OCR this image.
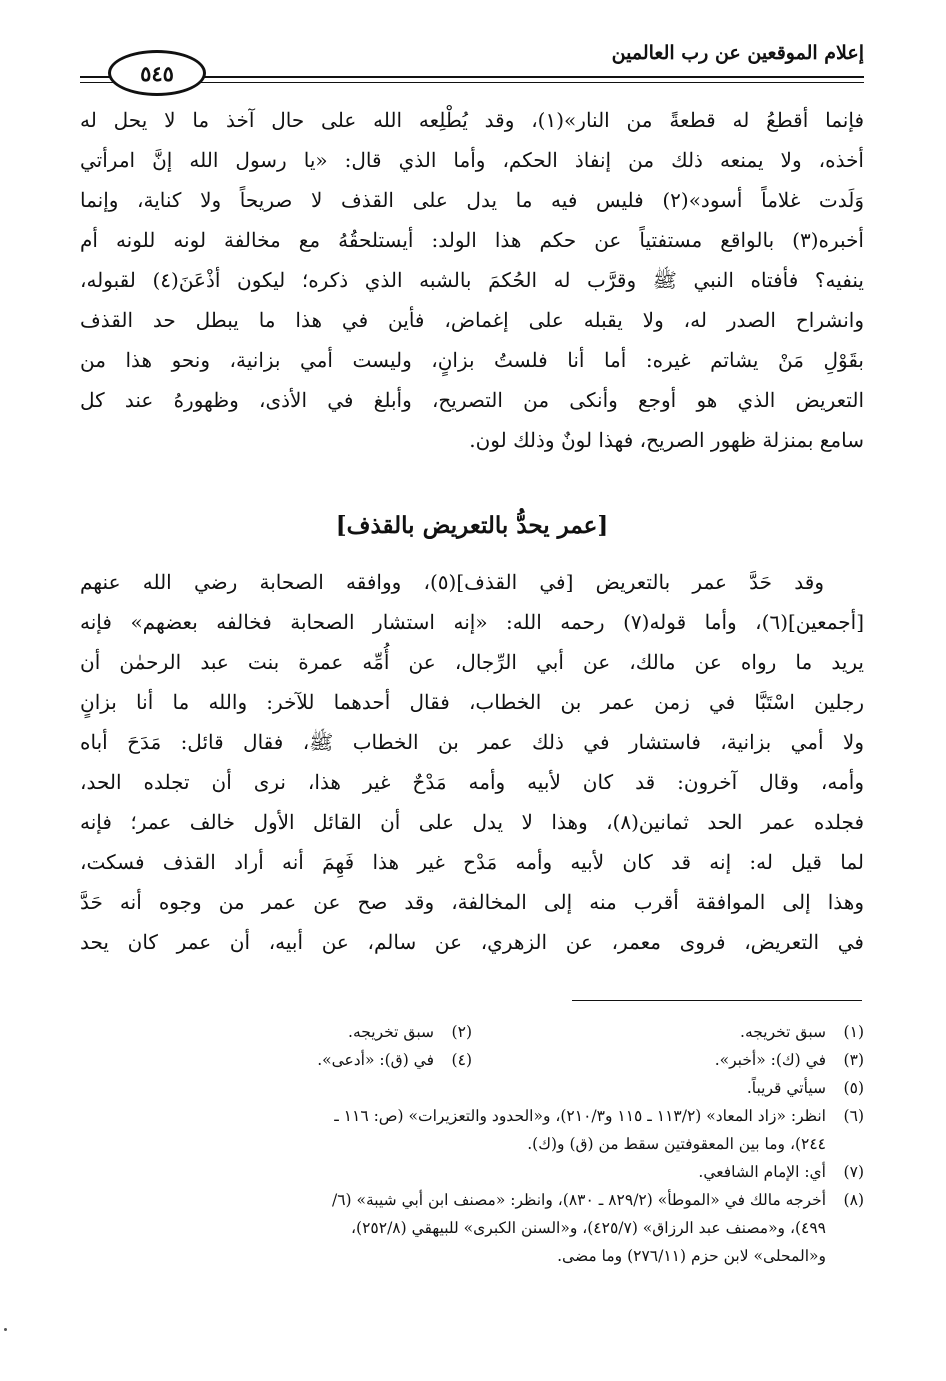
إعلام الموقعين عن رب العالمين
٥٤٥
فإنما أقطعُ له قطعةً من النار»(١)، وقد يُطْلِعه الله على حال آخذ ما لا يحل له
أخذه، ولا يمنعه ذلك من إنفاذ الحكم، وأما الذي قال: «يا رسول الله إنَّ امرأتي
وَلَدت غلاماً أسود»(٢) فليس فيه ما يدل على القذف لا صريحاً ولا كناية، وإنما
أخبره(٣) بالواقع مستفتياً عن حكم هذا الولد: أيستلحقُهُ مع مخالفة لونه للونه أم
ينفيه؟ فأفتاه النبي ﷺ وقرَّب له الحُكمَ بالشبه الذي ذكره؛ ليكون أذْعَنَ(٤) لقبوله،
وانشراح الصدر له، ولا يقبله على إغماض، فأين في هذا ما يبطل حد القذف
بقَوْلِ مَنْ يشاتم غيره: أما أنا فلستُ بزانٍ، وليست أمي بزانية، ونحو هذا من
التعريض الذي هو أوجع وأنكى من التصريح، وأبلغ في الأذى، وظهورهُ عند كل
سامع بمنزلة ظهور الصريح، فهذا لونٌ وذلك لون.
[عمر يحدُّ بالتعريض بالقذف]
وقد حَدَّ عمر بالتعريض [في القذف](٥)، ووافقه الصحابة رضي الله عنهم
[أجمعين](٦)، وأما قوله(٧) رحمه الله: «إنه استشار الصحابة فخالفه بعضهم» فإنه
يريد ما رواه عن مالك، عن أبي الرِّجال، عن أُمِّه عمرة بنت عبد الرحمٰن أن
رجلين اسْتَبَّا في زمن عمر بن الخطاب، فقال أحدهما للآخر: والله ما أنا بزانٍ
ولا أمي بزانية، فاستشار في ذلك عمر بن الخطاب ﷺ، فقال قائل: مَدَحَ أباه
وأمه، وقال آخرون: قد كان لأبيه وأمه مَدْحٌ غير هذا، نرى أن تجلده الحد،
فجلده عمر الحد ثمانين(٨)، وهذا لا يدل على أن القائل الأول خالف عمر؛ فإنه
لما قيل له: إنه قد كان لأبيه وأمه مَدْح غير هذا فَهِمَ أنه أراد القذف فسكت،
وهذا إلى الموافقة أقرب منه إلى المخالفة، وقد صح عن عمر من وجوه أنه حَدَّ
في التعريض، فروى معمر، عن الزهري، عن سالم، عن أبيه، أن عمر كان يحد
(١)سبق تخريجه.
(٢)سبق تخريجه.
(٣)في (ك): «أخبر».
(٤)في (ق): «أدعى».
(٥)سيأتي قريباً.
(٦)انظر: «زاد المعاد» (١١٣/٢ ـ ١١٥ و٢١٠/٣)، و«الحدود والتعزيرات» (ص: ١١٦ ـ
٢٤٤)، وما بين المعقوفتين سقط من (ق) و(ك).
(٧)أي: الإمام الشافعي.
(٨)أخرجه مالك في «الموطأ» (٨٢٩/٢ ـ ٨٣٠)، وانظر: «مصنف ابن أبي شيبة» (٦/
٤٩٩)، و«مصنف عبد الرزاق» (٤٢٥/٧)، و«السنن الكبرى» للبيهقي (٢٥٢/٨)،
و«المحلى» لابن حزم (٢٧٦/١١) وما مضى.
